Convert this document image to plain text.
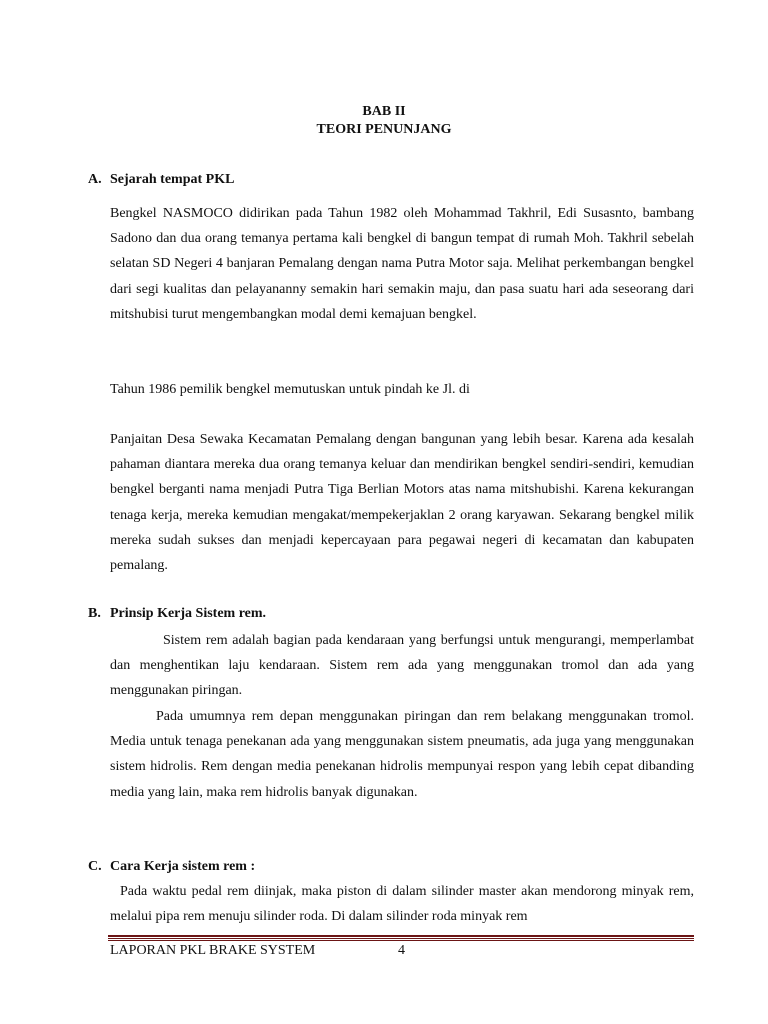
BAB II
TEORI PENUNJANG
A. Sejarah tempat PKL

Bengkel NASMOCO didirikan pada Tahun 1982 oleh Mohammad Takhril, Edi Susasnto, bambang Sadono dan dua orang temanya pertama kali bengkel di bangun tempat di rumah Moh. Takhril sebelah selatan SD Negeri 4 banjaran Pemalang dengan nama Putra Motor saja. Melihat perkembangan bengkel dari segi kualitas dan pelayananny semakin hari semakin maju, dan pasa suatu hari ada seseorang dari mitshubisi turut mengembangkan modal demi kemajuan bengkel.

Tahun 1986 pemilik bengkel memutuskan untuk pindah ke Jl. di

Panjaitan Desa Sewaka Kecamatan Pemalang dengan bangunan yang lebih besar. Karena ada kesalah pahaman diantara mereka dua orang temanya keluar dan mendirikan bengkel sendiri-sendiri, kemudian bengkel berganti nama menjadi Putra Tiga Berlian Motors atas nama mitshubishi. Karena kekurangan tenaga kerja, mereka kemudian mengakat/mempekerjaklan 2 orang karyawan. Sekarang bengkel milik mereka sudah sukses dan menjadi kepercayaan para pegawai negeri di kecamatan dan kabupaten pemalang.

B. Prinsip Kerja Sistem rem.

Sistem rem adalah bagian pada kendaraan yang berfungsi untuk mengurangi, memperlambat dan menghentikan laju kendaraan. Sistem rem ada yang menggunakan tromol dan ada yang menggunakan piringan.

Pada umumnya rem depan menggunakan piringan dan rem belakang menggunakan tromol. Media untuk tenaga penekanan ada yang menggunakan sistem pneumatis, ada juga yang menggunakan sistem hidrolis. Rem dengan media penekanan hidrolis mempunyai respon yang lebih cepat dibanding media yang lain, maka rem hidrolis banyak digunakan.

C. Cara Kerja sistem rem :

Pada waktu pedal rem diinjak, maka piston di dalam silinder master akan mendorong minyak rem, melalui pipa rem menuju silinder roda. Di dalam silinder roda minyak rem

LAPORAN PKL BRAKE SYSTEM	4
